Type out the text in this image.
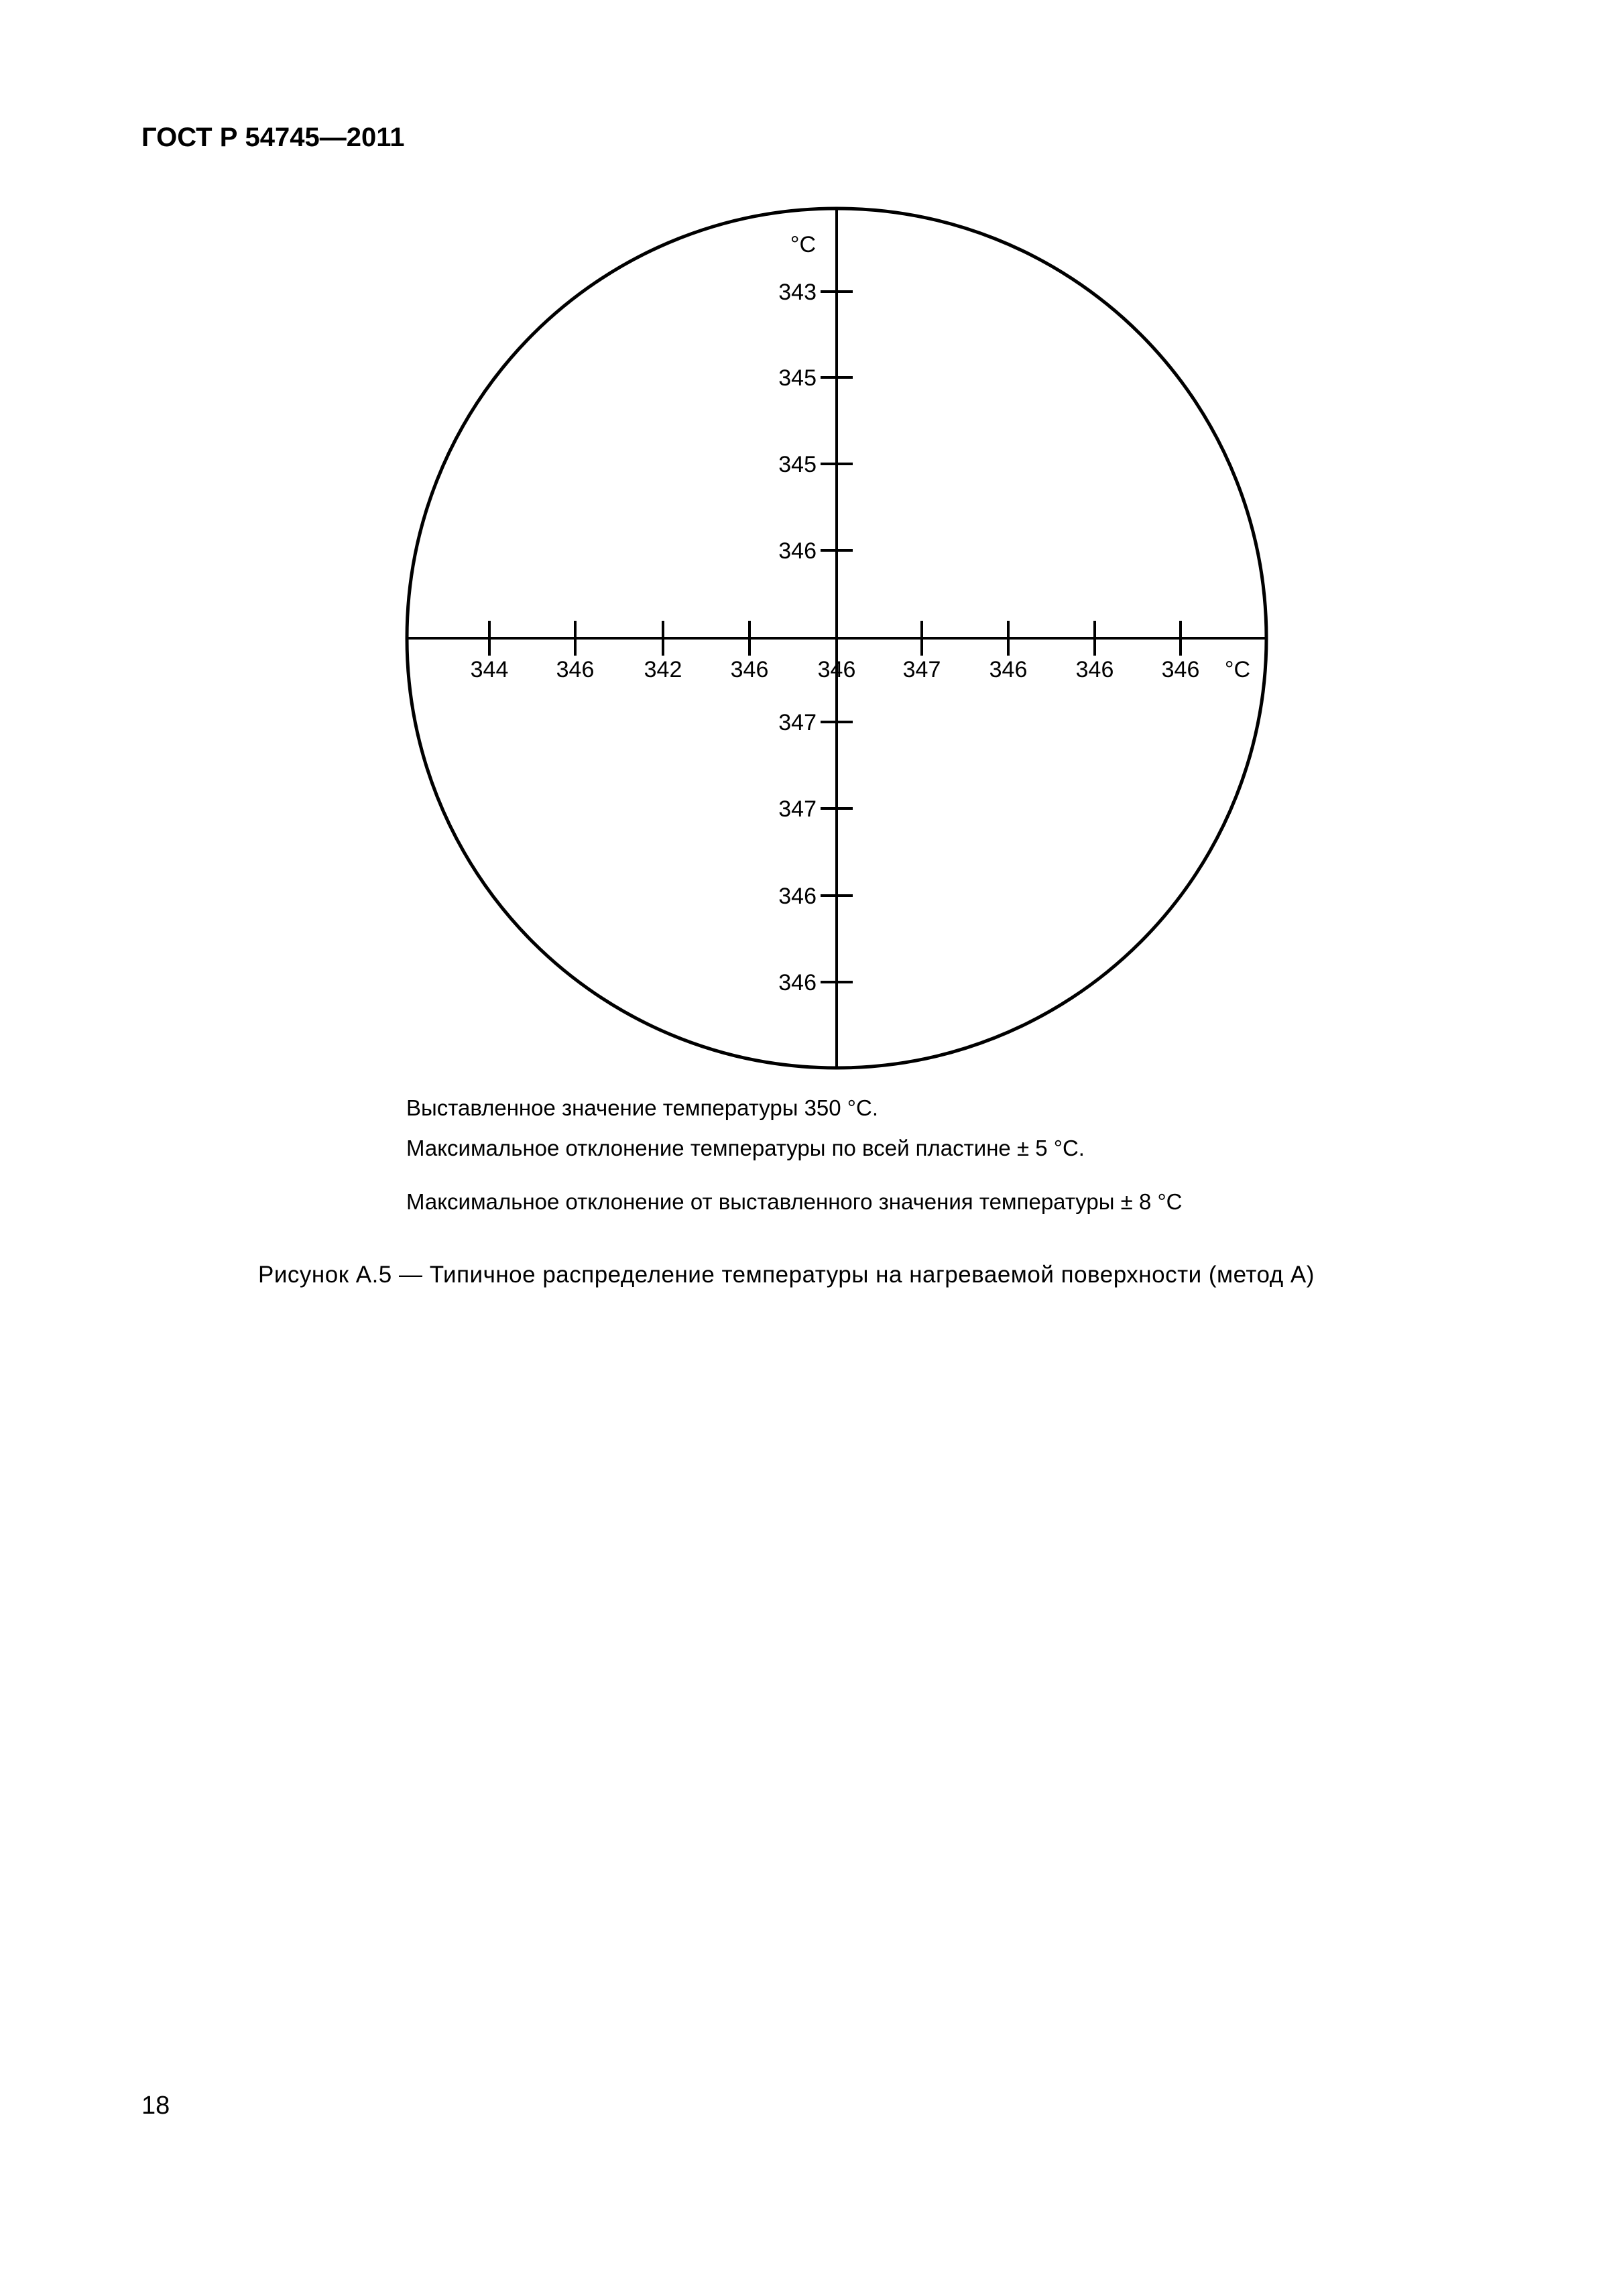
ГОСТ Р 54745—2011
°C
°C
343
345
345
346
344 346 342 346 346 347 346 346 346
347
347
346
346
Выставленное значение температуры 350 °С.
Максимальное отклонение температуры по всей пластине ± 5 °С.
Максимальное отклонение от выставленного значения температуры ± 8 °С
Рисунок А.5 — Типичное распределение температуры на нагреваемой поверхности (метод А)
18
